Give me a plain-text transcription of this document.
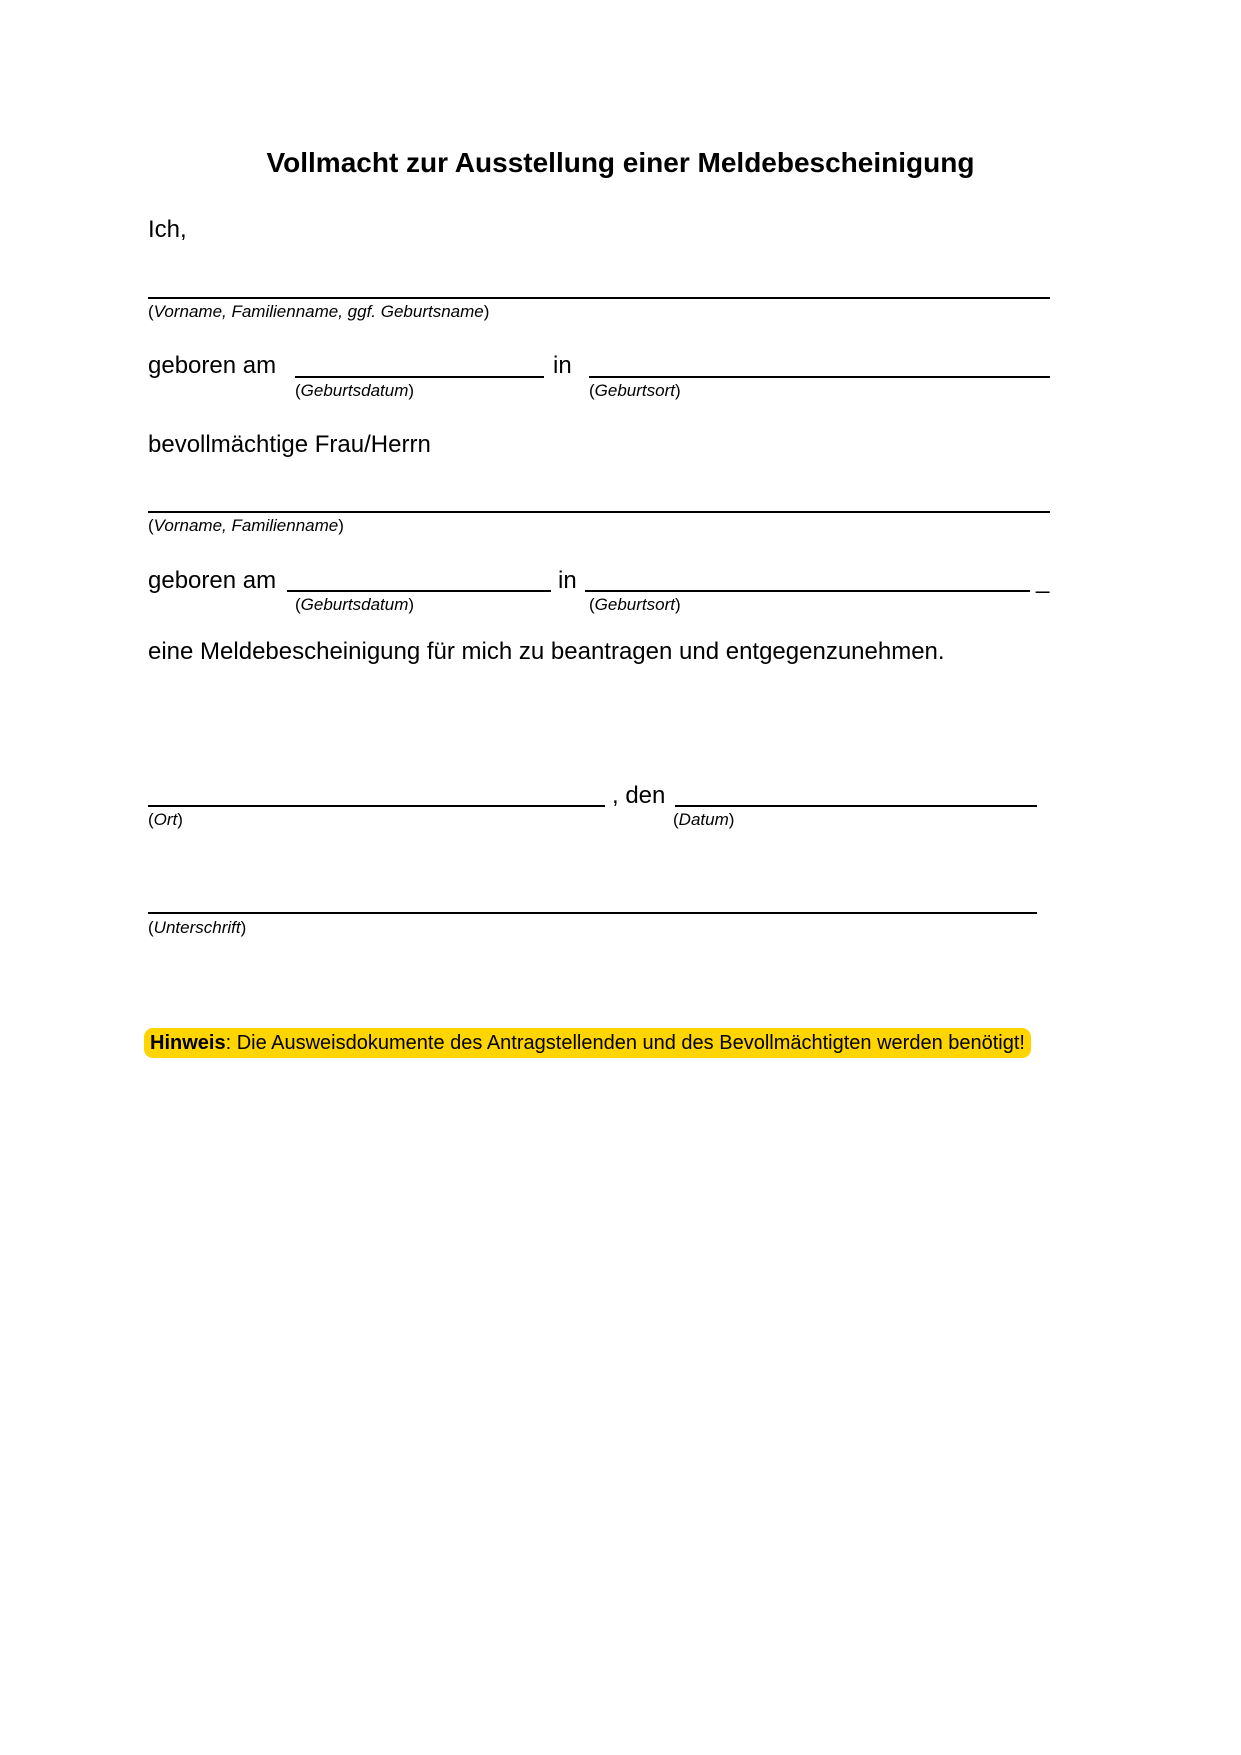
Vollmacht zur Ausstellung einer Meldebescheinigung
Ich,
(Vorname, Familienname, ggf. Geburtsname)
geboren am	in
(Geburtsdatum)	(Geburtsort)
bevollmächtige Frau/Herrn
(Vorname, Familienname)
geboren am	in	_
(Geburtsdatum)	(Geburtsort)
eine Meldebescheinigung für mich zu beantragen und entgegenzunehmen.
, den
(Ort)	(Datum)
(Unterschrift)
Hinweis: Die Ausweisdokumente des Antragstellenden und des Bevollmächtigten werden benötigt!
